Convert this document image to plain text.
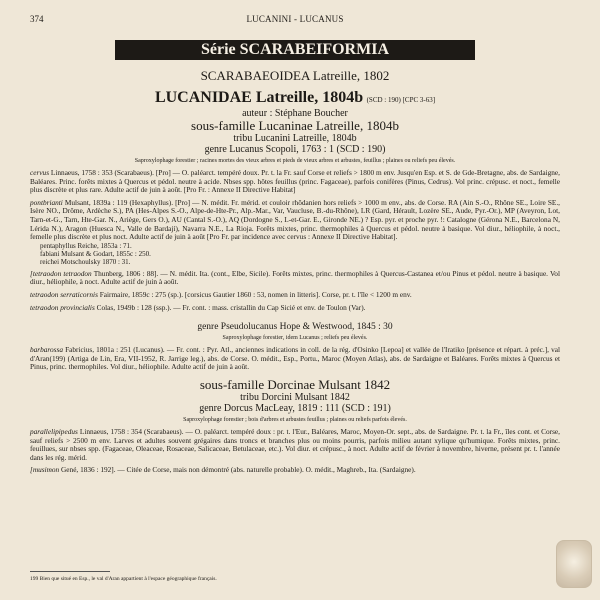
374	LUCANINI - LUCANUS
Série SCARABEIFORMIA
SCARABAEOIDEA Latreille, 1802
LUCANIDAE Latreille, 1804b (SCD : 190) [CPC 3-63]
auteur : Stéphane Boucher
sous-famille Lucaninae Latreille, 1804b
tribu Lucanini Latreille, 1804b
genre Lucanus Scopoli, 1763 : 1 (SCD : 190)
Saproxylophage forestier ; racines mortes des vieux arbres et pieds de vieux arbres et arbustes, feuillus ; plaines ou reliefs peu élevés.
cervus Linnaeus, 1758 : 353 (Scarabaeus). [Pro] — O. paléarct. tempéré doux. Pr. t. la Fr. sauf Corse et reliefs > 1800 m env. Jusqu'en Esp. et S. de Gde-Bretagne, abs. de Sardaigne, Baléares. Princ. forêts mixtes à Quercus et pédol. neutre à acide. Nbses spp. hôtes feuillus (princ. Fagaceae), parfois conifères (Pinus, Cedrus). Vol princ. crépusc. et noct., femelle plus discrète et plus rare. Adulte actif de juin à août. [Pro Fr. : Annexe II Directive Habitat]
pontbrianti Mulsant, 1839a : 119 (Hexaphyllus). [Pro] — N. médit. Fr. mérid. et couloir rhôdanien hors reliefs > 1000 m env., abs. de Corse. RA (Ain S.-O., Rhône SE., Loire SE., Isère NO., Drôme, Ardèche S.), PA (Hes-Alpes S.-O., Alpe-de-Hte-Pr., Alp.-Mar., Var, Vaucluse, B.-du-Rhône), LR (Gard, Hérault, Lozère SE., Aude, Pyr.-Or.), MP (Aveyron, Lot, Tarn-et-G., Tarn, Hte-Gar. N., Ariège, Gers O.), AU (Cantal S.-O.), AQ (Dordogne S., L-et-Gar. E., Gironde NE.) ? Esp. pyr. et proche pyr. !: Catalogne (Gérona N.E., Barcelona N, Lérida N.), Aragon (Huesca N., Valle de Bardají), Navarra N.E., La Rioja. Forêts mixtes, princ. thermophiles à Quercus et pédol. neutre à basique. Vol diur., héliophile, à noct., femelle plus discrète et plus noct. Adulte actif de juin à août [Pro Fr. par incidence avec cervus : Annexe II Directive Habitat].
pentaphyllus Reiche, 1853a : 71.
fabiani Mulsant & Godart, 1855c : 250.
reichei Motschoulsky 1870 : 31.
[tetraodon tetraodon Thunberg, 1806 : 88]. — N. médit. Ita. (cont., Elbe, Sicile). Forêts mixtes, princ. thermophiles à Quercus-Castanea et/ou Pinus et pédol. neutre à basique. Vol diur., héliophile, à noct. Adulte actif de juin à août.
tetraodon serraticornis Fairmaire, 1859c : 275 (sp.). [corsicus Gautier 1860 : 53, nomen in litteris]. Corse, pr. t. l'île < 1200 m env.
tetraodon provincialis Colas, 1949b : 128 (ssp.). — Fr. cont. : mass. cristallin du Cap Sicié et env. de Toulon (Var).
genre Pseudolucanus Hope & Westwood, 1845 : 30
Saproxylophage forestier, idem Lucanus ; reliefs peu élevés.
barbarossa Fabricius, 1801a : 251 (Lucanus). — Fr. cont. : Pyr. Atl., anciennes indications in coll. de la rég. d'Osinko [Lepoa] et vallée de l'Iratiko [présence et répart. à préc.], val d'Aran(199) (Artiga de Lin, Era, VII-1952, R. Jarrige leg.), abs. de Corse. O. médit., Esp., Portu., Maroc (Moyen Atlas), abs. de Sardaigne et Baléares. Forêts mixtes à Quercus et Pinus, princ. thermophiles. Vol diur., héliophile. Adulte actif de juin à août.
sous-famille Dorcinae Mulsant 1842
tribu Dorcini Mulsant 1842
genre Dorcus MacLeay, 1819 : 111 (SCD : 191)
Saproxylophage forestier ; bois d'arbres et arbustes feuillus ; plaines ou reliefs parfois élevés.
parallelipipedus Linnaeus, 1758 : 354 (Scarabaeus). — O. paléarct. tempéré doux : pr. t. l'Eur., Baléares, Maroc, Moyen-Or. sept., abs. de Sardaigne. Pr. t. la Fr., îles cont. et Corse, sauf reliefs > 2500 m env. Larves et adultes souvent grégaires dans troncs et branches plus ou moins pourris, parfois milieu autant xylique qu'humique. Forêts mixtes, princ. feuillues, sur nbses spp. (Fagaceae, Oleaceae, Rosaceae, Salicaceae, Betulaceae, etc.). Vol diur. et crépusc., à noct. Adulte actif de février à novembre, hiverne, présent pr. t. l'année dans les rég. mérid.
[musimon Gené, 1836 : 192]. — Citée de Corse, mais non démontré (abs. naturelle probable). O. médit., Maghreb., Ita. (Sardaigne).
199 Bien que situé en Esp., le val d'Aran appartient à l'espace géographique français.
